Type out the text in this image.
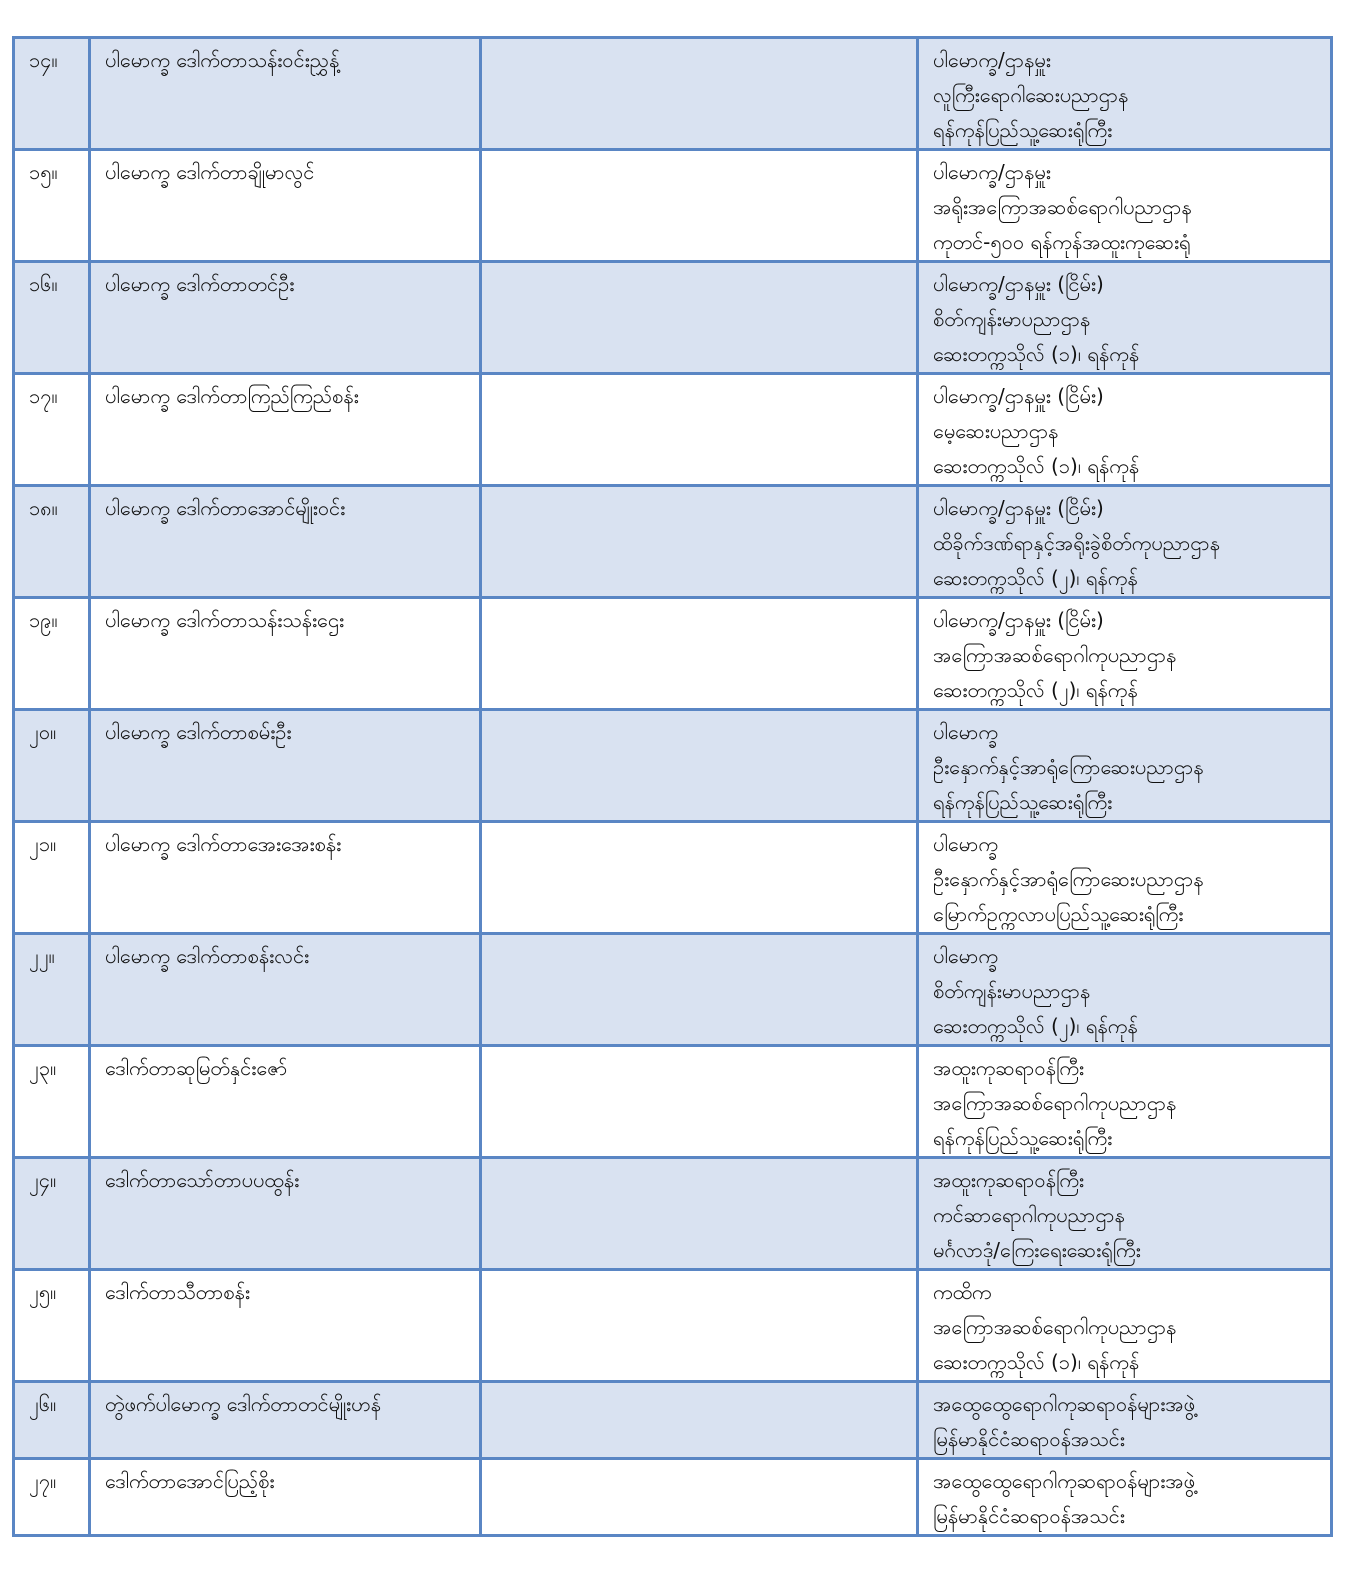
၁၄။	ပါမောက္ခ ဒေါက်တာသန်းဝင်းညွှန့်		ပါမောက္ခ/ဌာနမှူး
လူကြီးရောဂါဆေးပညာဌာန
ရန်ကုန်ပြည်သူ့ဆေးရုံကြီး

၁၅။	ပါမောက္ခ ဒေါက်တာချိုမာလွင်		ပါမောက္ခ/ဌာနမှူး
အရိုးအကြောအဆစ်ရောဂါပညာဌာန
ကုတင်-၅၀၀ ရန်ကုန်အထူးကုဆေးရုံ

၁၆။	ပါမောက္ခ ဒေါက်တာတင်ဦး		ပါမောက္ခ/ဌာနမှူး (ငြိမ်း)
စိတ်ကျန်းမာပညာဌာန
ဆေးတက္ကသိုလ် (၁)၊ ရန်ကုန်

၁၇။	ပါမောက္ခ ဒေါက်တာကြည်ကြည်စန်း		ပါမောက္ခ/ဌာနမှူး (ငြိမ်း)
မေ့ဆေးပညာဌာန
ဆေးတက္ကသိုလ် (၁)၊ ရန်ကုန်

၁၈။	ပါမောက္ခ ဒေါက်တာအောင်မျိုးဝင်း		ပါမောက္ခ/ဌာနမှူး (ငြိမ်း)
ထိခိုက်ဒဏ်ရာနှင့်အရိုးခွဲစိတ်ကုပညာဌာန
ဆေးတက္ကသိုလ် (၂)၊ ရန်ကုန်

၁၉။	ပါမောက္ခ ဒေါက်တာသန်းသန်းဌေး		ပါမောက္ခ/ဌာနမှူး (ငြိမ်း)
အကြောအဆစ်ရောဂါကုပညာဌာန
ဆေးတက္ကသိုလ် (၂)၊ ရန်ကုန်

၂၀။	ပါမောက္ခ ဒေါက်တာစမ်းဦး		ပါမောက္ခ
ဦးနှောက်နှင့်အာရုံကြောဆေးပညာဌာန
ရန်ကုန်ပြည်သူ့ဆေးရုံကြီး

၂၁။	ပါမောက္ခ ဒေါက်တာအေးအေးစန်း		ပါမောက္ခ
ဦးနှောက်နှင့်အာရုံကြောဆေးပညာဌာန
မြောက်ဥက္ကလာပပြည်သူ့ဆေးရုံကြီး

၂၂။	ပါမောက္ခ ဒေါက်တာစန်းလင်း		ပါမောက္ခ
စိတ်ကျန်းမာပညာဌာန
ဆေးတက္ကသိုလ် (၂)၊ ရန်ကုန်

၂၃။	ဒေါက်တာဆုမြတ်နှင်းဇော်		အထူးကုဆရာဝန်ကြီး
အကြောအဆစ်ရောဂါကုပညာဌာန
ရန်ကုန်ပြည်သူ့ဆေးရုံကြီး

၂၄။	ဒေါက်တာသော်တာပပထွန်း		အထူးကုဆရာဝန်ကြီး
ကင်ဆာရောဂါကုပညာဌာန
မင်္ဂလာဒုံ/ကြေးရေးဆေးရုံကြီး

၂၅။	ဒေါက်တာသီတာစန်း		ကထိက
အကြောအဆစ်ရောဂါကုပညာဌာန
ဆေးတက္ကသိုလ် (၁)၊ ရန်ကုန်

၂၆။	တွဲဖက်ပါမောက္ခ ဒေါက်တာတင်မျိုးဟန်		အထွေထွေရောဂါကုဆရာဝန်များအဖွဲ့
မြန်မာနိုင်ငံဆရာဝန်အသင်း

၂၇။	ဒေါက်တာအောင်ပြည့်စိုး		အထွေထွေရောဂါကုဆရာဝန်များအဖွဲ့
မြန်မာနိုင်ငံဆရာဝန်အသင်း
